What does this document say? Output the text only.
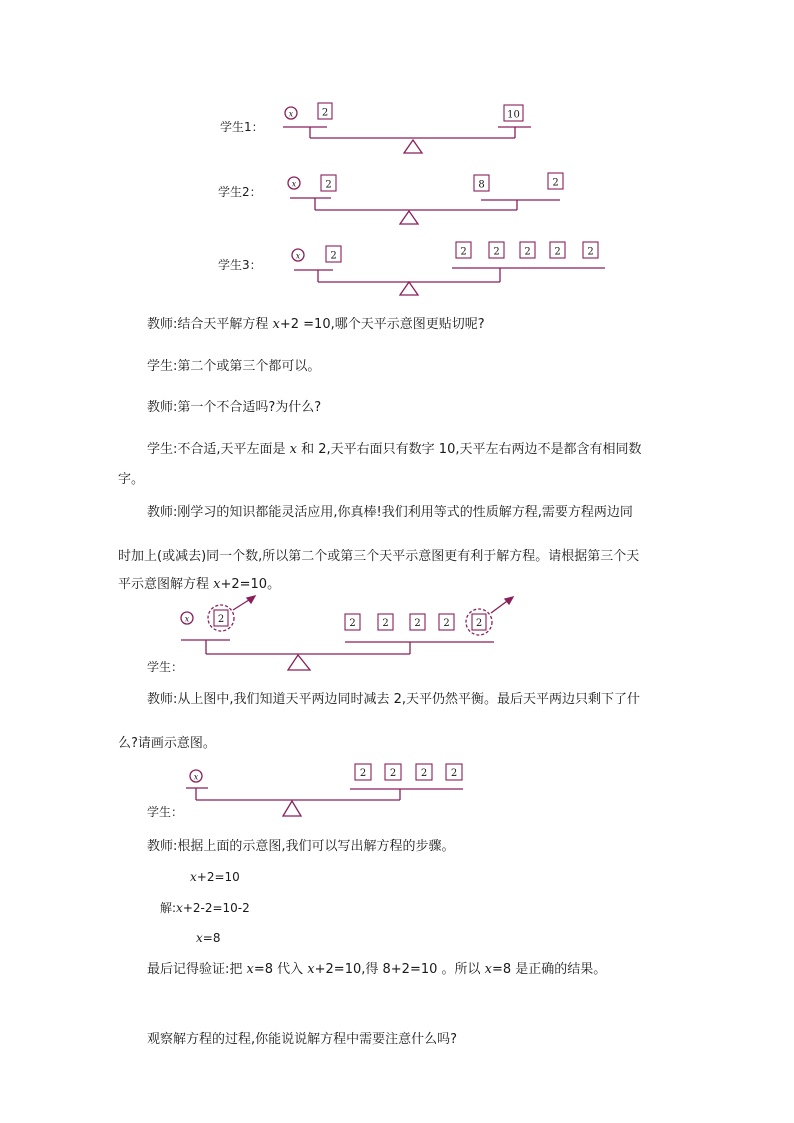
学生1：
x	2	10
学生2：
x	2	8	2
学生3：
x	2	2	2 2 2	2
教师:结合天平解方程 x+2 =10,哪个天平示意图更贴切呢?
学生:第二个或第三个都可以。
教师:第一个不合适吗?为什么?
学生:不合适,天平左面是 x 和 2,天平右面只有数字 10,天平左右两边不是都含有相同数
字。
教师:刚学习的知识都能灵活应用,你真棒!我们利用等式的性质解方程,需要方程两边同
时加上(或减去)同一个数,所以第二个或第三个天平示意图更有利于解方程。请根据第三个天
平示意图解方程 x+2=10。
学生：
x	2	2	2	2 2	2
教师:从上图中,我们知道天平两边同时减去 2,天平仍然平衡。最后天平两边只剩下了什
么?请画示意图。
学生：
x	2 2 2 2
教师:根据上面的示意图,我们可以写出解方程的步骤。
x+2=10
解:x+2-2=10-2
x=8
最后记得验证:把 x=8 代入 x+2=10,得 8+2=10 。所以 x=8 是正确的结果。
观察解方程的过程,你能说说解方程中需要注意什么吗?
